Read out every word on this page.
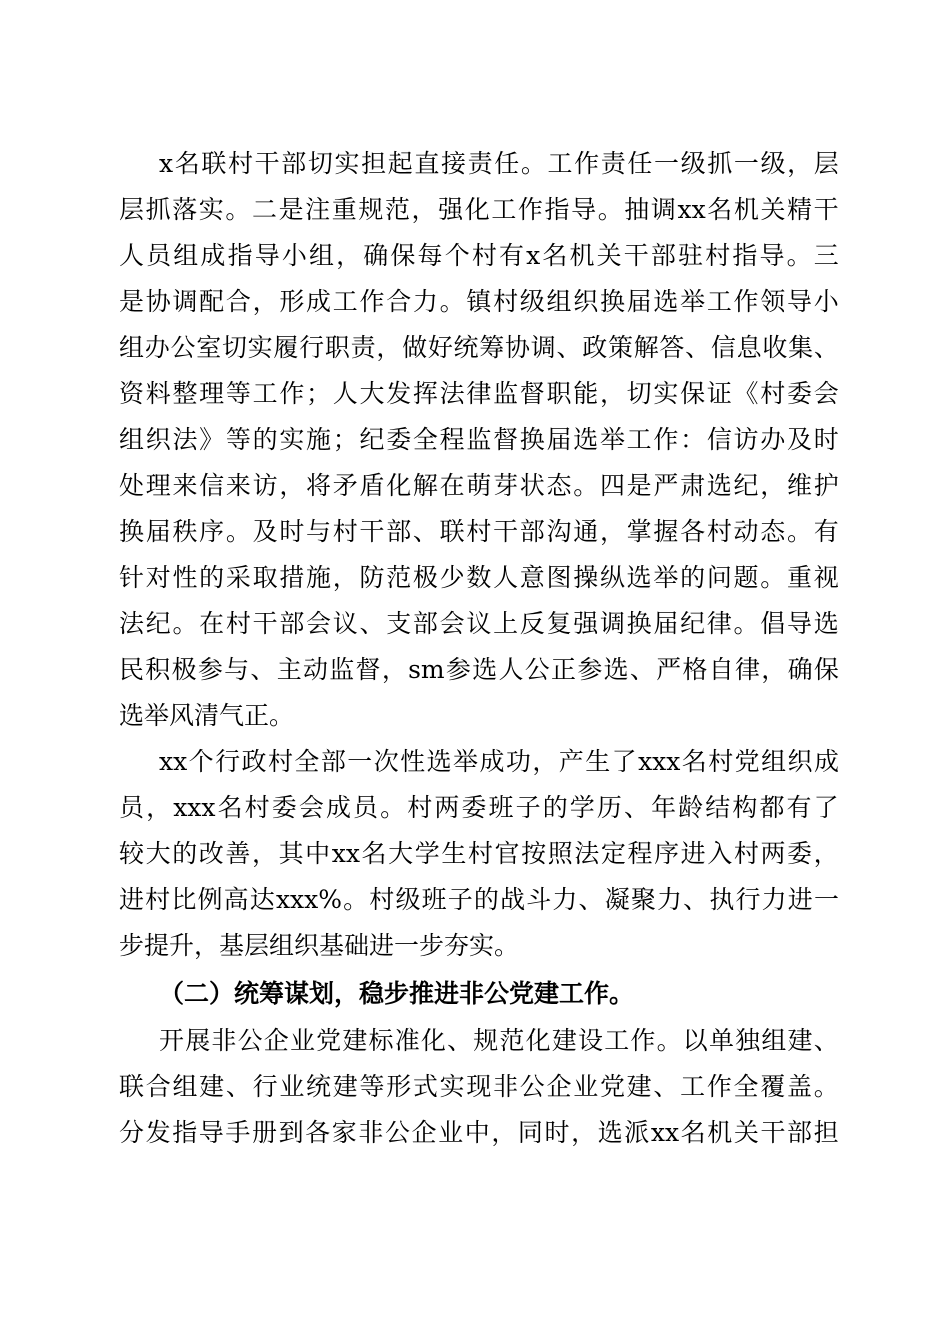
x 名 联 村 干 部 切 实 担 起 直 接 责 任 。 工 作 责 任 一 级 抓 一 级 ， 层
层 抓 落 实 。 二 是 注 重 规 范 ， 强 化 工 作 指 导 。 抽 调 xx 名 机 关 精 干
人 员 组 成 指 导 小 组 ， 确 保 每 个 村 有 x 名 机 关 干 部 驻 村 指 导 。 三
是 协 调 配 合 ， 形 成 工 作 合 力 。 镇 村 级 组 织 换 届 选 举 工 作 领 导 小
组 办 公 室 切 实 履 行 职 责 ， 做 好 统 筹 协 调 、 政 策 解 答 、 信 息 收 集 、
资 料 整 理 等 工 作 ； 人 大 发 挥 法 律 监 督 职 能 ， 切 实 保 证 《 村 委 会
组 织 法 》 等 的 实 施 ； 纪 委 全 程 监 督 换 届 选 举 工 作 ： 信 访 办 及 时
处 理 来 信 来 访 ， 将 矛 盾 化 解 在 萌 芽 状 态 。 四 是 严 肃 选 纪 ， 维 护
换 届 秩 序 。 及 时 与 村 干 部 、 联 村 干 部 沟 通 ， 掌 握 各 村 动 态 。 有
针 对 性 的 采 取 措 施 ， 防 范 极 少 数 人 意 图 操 纵 选 举 的 问 题 。 重 视
法 纪 。 在 村 干 部 会 议 、 支 部 会 议 上 反 复 强 调 换 届 纪 律 。 倡 导 选
民 积 极 参 与 、 主 动 监 督 ， sm 参 选 人 公 正 参 选 、 严 格 自 律 ， 确 保
选举风清气正。
xx 个 行 政 村 全 部 一 次 性 选 举 成 功 ， 产 生 了 xxx 名 村 党 组 织 成
员 ， xxx 名 村 委 会 成 员 。 村 两 委 班 子 的 学 历 、 年 龄 结 构 都 有 了
较 大 的 改 善 ， 其 中 xx 名 大 学 生 村 官 按 照 法 定 程 序 进 入 村 两 委 ，
进 村 比 例 高 达 xxx% 。 村 级 班 子 的 战 斗 力 、 凝 聚 力 、 执 行 力 进 一
步提升，基层组织基础进一步夯实。
（二）统筹谋划，稳步推进非公党建工作。
开 展 非 公 企 业 党 建 标 准 化 、 规 范 化 建 设 工 作 。 以 单 独 组 建 、
联 合 组 建 、 行 业 统 建 等 形 式 实 现 非 公 企 业 党 建 、 工 作 全 覆 盖 。
分 发 指 导 手 册 到 各 家 非 公 企 业 中 ， 同 时 ， 选 派 xx 名 机 关 干 部 担
